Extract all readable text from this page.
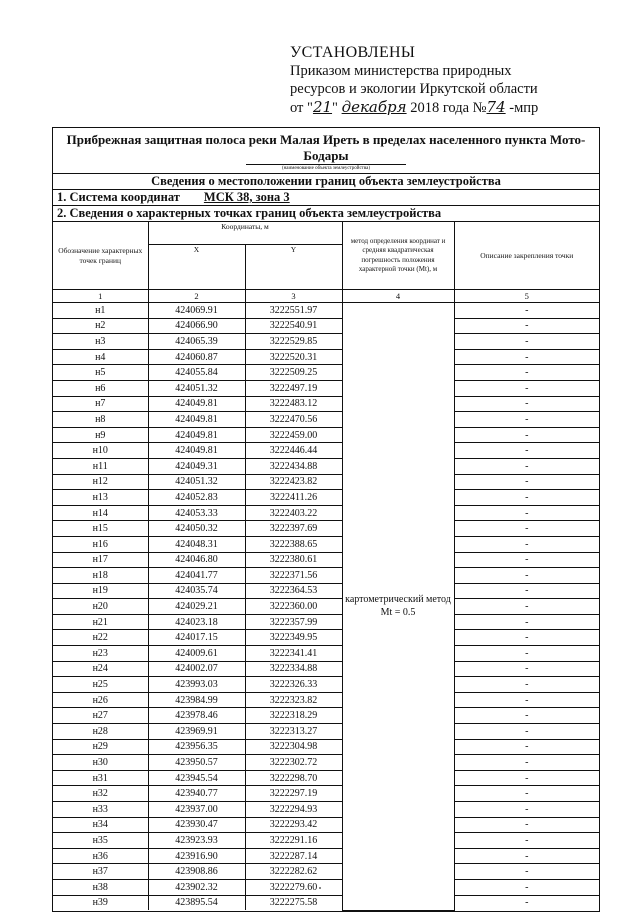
УСТАНОВЛЕНЫ
Приказом министерства природных
ресурсов и экологии Иркутской области
от "21" декабря 2018 года №74 -мпр
Прибрежная защитная полоса реки Малая Ирeть в пределах населенного пункта Мото-Бодары
(наименование объекта землеустройства)
Сведения о местоположении границ объекта землеустройства
1. Система координат МСК 38, зона 3
2. Сведения о характерных точках границ объекта землеустройства
Обозначение характерных точек границ	Координаты, м		метод определения координат и средняя квадратическая погрешность положения характерной точки (Mt), м	Описание закрепления точки
	X	Y		
1	2	3	4	5
н1	424069.91	3222551.97	картометрический метод Mt = 0.5	-
н2	424066.90	3222540.91		-
н3	424065.39	3222529.85		-
н4	424060.87	3222520.31		-
н5	424055.84	3222509.25		-
н6	424051.32	3222497.19		-
н7	424049.81	3222483.12		-
н8	424049.81	3222470.56		-
н9	424049.81	3222459.00		-
н10	424049.81	3222446.44		-
н11	424049.31	3222434.88		-
н12	424051.32	3222423.82		-
н13	424052.83	3222411.26		-
н14	424053.33	3222403.22		-
н15	424050.32	3222397.69		-
н16	424048.31	3222388.65		-
н17	424046.80	3222380.61		-
н18	424041.77	3222371.56		-
н19	424035.74	3222364.53		-
н20	424029.21	3222360.00		-
н21	424023.18	3222357.99		-
н22	424017.15	3222349.95		-
н23	424009.61	3222341.41		-
н24	424002.07	3222334.88		-
н25	423993.03	3222326.33		-
н26	423984.99	3222323.82		-
н27	423978.46	3222318.29		-
н28	423969.91	3222313.27		-
н29	423956.35	3222304.98		-
н30	423950.57	3222302.72		-
н31	423945.54	3222298.70		-
н32	423940.77	3222297.19		-
н33	423937.00	3222294.93		-
н34	423930.47	3222293.42		-
н35	423923.93	3222291.16		-
н36	423916.90	3222287.14		-
н37	423908.86	3222282.62		-
н38	423902.32	3222279.60		-
н39	423895.54	3222275.58		-
